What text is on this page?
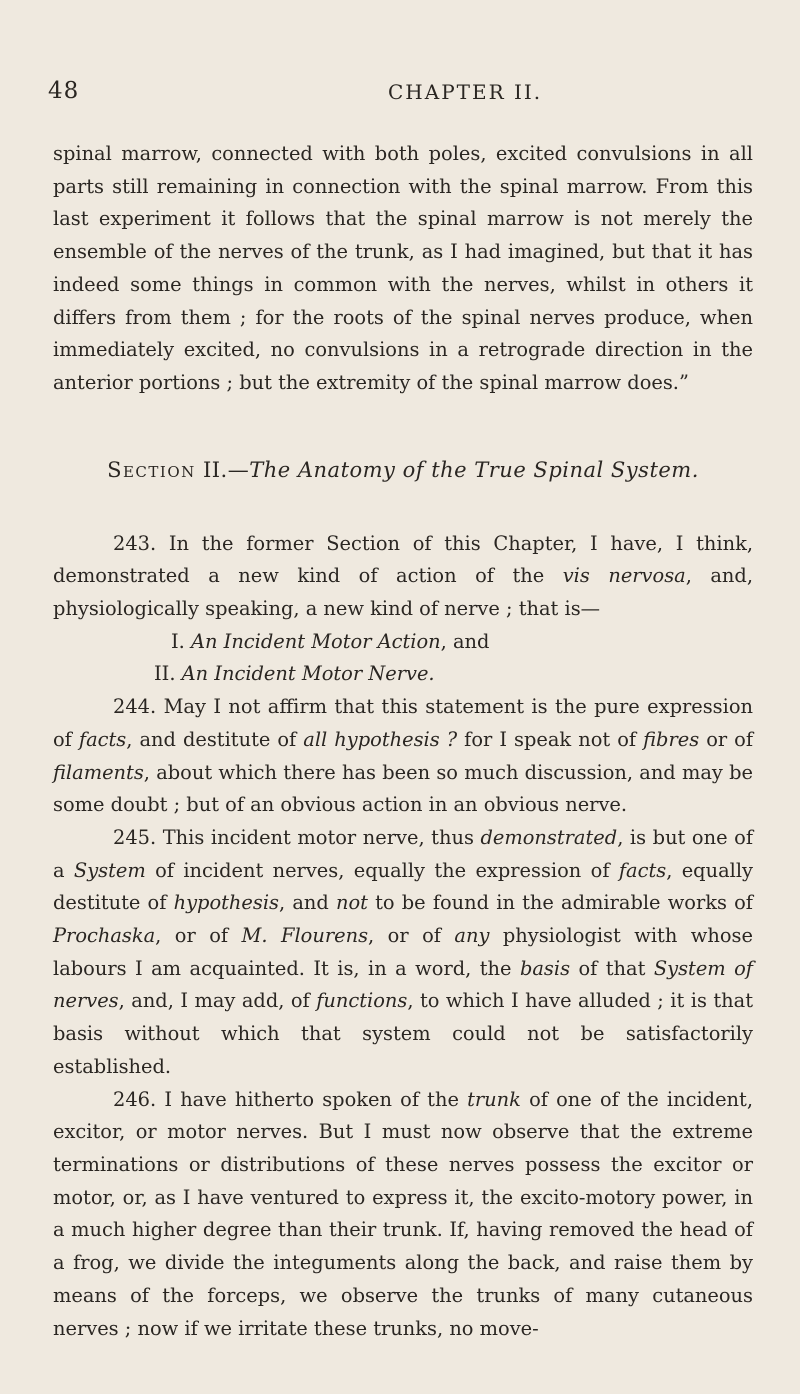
48	CHAPTER II.

spinal marrow, connected with both poles, excited convulsions in all parts still remaining in connection with the spinal marrow. From this last experiment it follows that the spinal marrow is not merely the ensemble of the nerves of the trunk, as I had imagined, but that it has indeed some things in common with the nerves, whilst in others it differs from them ; for the roots of the spinal nerves produce, when immediately excited, no convulsions in a retrograde direction in the anterior portions ; but the extremity of the spinal marrow does.”

Section II.—The Anatomy of the True Spinal System.

243. In the former Section of this Chapter, I have, I think, demonstrated a new kind of action of the vis nervosa, and, physiologically speaking, a new kind of nerve ; that is—

I. An Incident Motor Action, and
II. An Incident Motor Nerve.

244. May I not affirm that this statement is the pure expression of facts, and destitute of all hypothesis ? for I speak not of fibres or of filaments, about which there has been so much discussion, and may be some doubt ; but of an obvious action in an obvious nerve.

245. This incident motor nerve, thus demonstrated, is but one of a System of incident nerves, equally the expression of facts, equally destitute of hypothesis, and not to be found in the admirable works of Prochaska, or of M. Flourens, or of any physiologist with whose labours I am acquainted. It is, in a word, the basis of that System of nerves, and, I may add, of functions, to which I have alluded ; it is that basis without which that system could not be satisfactorily established.

246. I have hitherto spoken of the trunk of one of the incident, excitor, or motor nerves. But I must now observe that the extreme terminations or distributions of these nerves possess the excitor or motor, or, as I have ventured to express it, the excito-motory power, in a much higher degree than their trunk. If, having removed the head of a frog, we divide the integuments along the back, and raise them by means of the forceps, we observe the trunks of many cutaneous nerves ; now if we irritate these trunks, no move-
